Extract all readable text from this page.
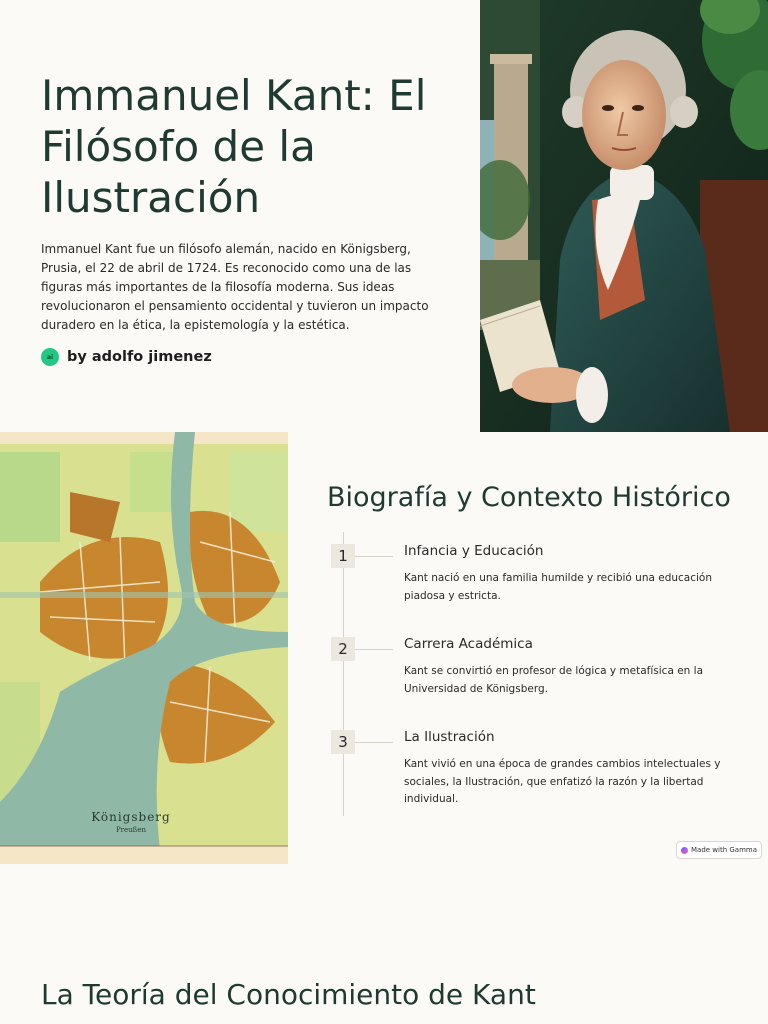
Immanuel Kant: El Filósofo de la Ilustración

Immanuel Kant fue un filósofo alemán, nacido en Königsberg, Prusia, el 22 de abril de 1724. Es reconocido como una de las figuras más importantes de la filosofía moderna. Sus ideas revolucionaron el pensamiento occidental y tuvieron un impacto duradero en la ética, la epistemología y la estética.

ai by adolfo jimenez
Königsberg
Preußen
Biografía y Contexto Histórico
1	Infancia y Educación

Kant nació en una familia humilde y recibió una educación piadosa y estricta.

2	Carrera Académica

Kant se convirtió en profesor de lógica y metafísica en la Universidad de Königsberg.

3	La Ilustración

Kant vivió en una época de grandes cambios intelectuales y sociales, la Ilustración, que enfatizó la razón y la libertad individual.

Made with Gamma
La Teoría del Conocimiento de Kant
